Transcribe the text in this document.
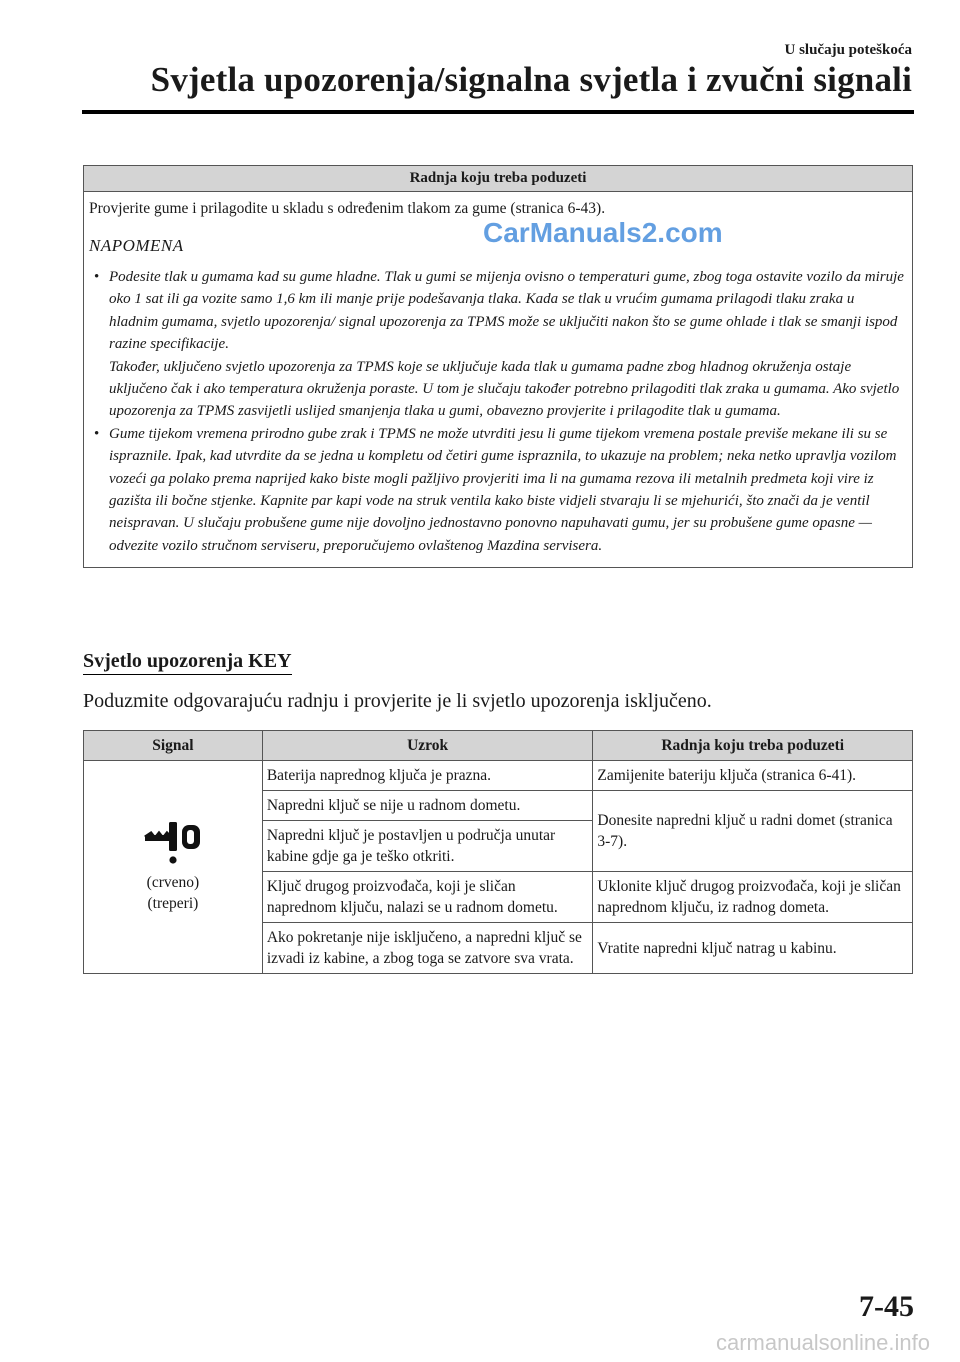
U slučaju poteškoća
Svjetla upozorenja/signalna svjetla i zvučni signali
Radnja koju treba poduzeti

Provjerite gume i prilagodite u skladu s određenim tlakom za gume (stranica 6-43).
CarManuals2.com

NAPOMENA
• Podesite tlak u gumama kad su gume hladne. Tlak u gumi se mijenja ovisno o temperaturi gume, zbog toga ostavite vozilo da miruje oko 1 sat ili ga vozite samo 1,6 km ili manje prije podešavanja tlaka. Kada se tlak u vrućim gumama prilagodi tlaku zraka u hladnim gumama, svjetlo upozorenja/ signal upozorenja za TPMS može se uključiti nakon što se gume ohlade i tlak se smanji ispod razine specifikacije.

Također, uključeno svjetlo upozorenja za TPMS koje se uključuje kada tlak u gumama padne zbog hladnog okruženja ostaje uključeno čak i ako temperatura okruženja poraste. U tom je slučaju također potrebno prilagoditi tlak zraka u gumama. Ako svjetlo upozorenja za TPMS zasvijetli uslijed smanjenja tlaka u gumi, obavezno provjerite i prilagodite tlak u gumama.

• Gume tijekom vremena prirodno gube zrak i TPMS ne može utvrditi jesu li gume tijekom vremena postale previše mekane ili su se ispraznile. Ipak, kad utvrdite da se jedna u kompletu od četiri gume ispraznila, to ukazuje na problem; neka netko upravlja vozilom vozeći ga polako prema naprijed kako biste mogli pažljivo provjeriti ima li na gumama rezova ili metalnih predmeta koji vire iz gazišta ili bočne stjenke. Kapnite par kapi vode na struk ventila kako biste vidjeli stvaraju li se mjehurići, što znači da je ventil neispravan. U slučaju probušene gume nije dovoljno jednostavno ponovno napuhavati gumu, jer su probušene gume opasne — odvezite vozilo stručnom serviseru, preporučujemo ovlaštenog Mazdina servisera.

Svjetlo upozorenja KEY

Poduzmite odgovarajuću radnju i provjerite je li svjetlo upozorenja isključeno.

Signal	Uzrok	Radnja koju treba poduzeti

(crveno)
(treperi)	Baterija naprednog ključa je prazna.	Zamijenite bateriju ključa (stranica 6-41).
	Napredni ključ se nije u radnom dometu.	Donesite napredni ključ u radni domet (stranica 3-7).
	Napredni ključ je postavljen u područja unutar kabine gdje ga je teško otkriti.	
	Ključ drugog proizvođača, koji je sličan naprednom ključu, nalazi se u radnom dometu.	Uklonite ključ drugog proizvođača, koji je sličan naprednom ključu, iz radnog dometa.
	Ako pokretanje nije isključeno, a napredni ključ se izvadi iz kabine, a zbog toga se zatvore sva vrata.	Vratite napredni ključ natrag u kabinu.
7-45
carmanualsonline.info
